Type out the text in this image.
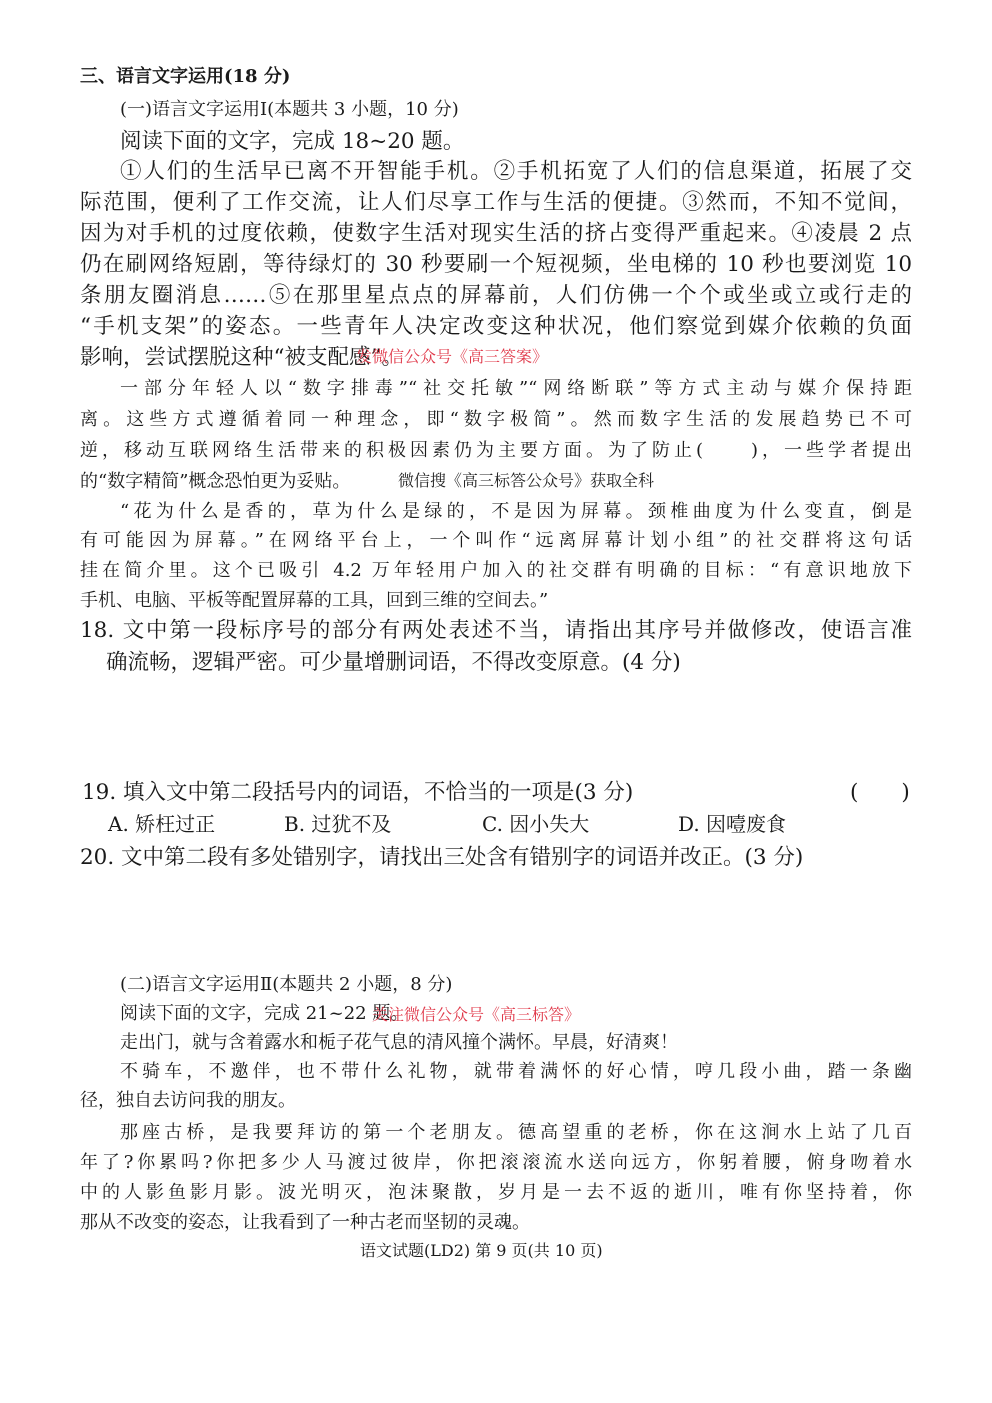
三、语言文字运用(18 分)
(一)语言文字运用Ⅰ(本题共 3 小题，10 分)
阅读下面的文字，完成 18~20 题。
①人们的生活早已离不开智能手机。②手机拓宽了人们的信息渠道，拓展了交
际范围，便利了工作交流，让人们尽享工作与生活的便捷。③然而，不知不觉间，
因为对手机的过度依赖，使数字生活对现实生活的挤占变得严重起来。④凌晨 2 点
仍在刷网络短剧，等待绿灯的 30 秒要刷一个短视频，坐电梯的 10 秒也要浏览 10
条朋友圈消息……⑤在那里星点点的屏幕前，人们仿佛一个个或坐或立或行走的
“手机支架”的姿态。一些青年人决定改变这种状况，他们察觉到媒介依赖的负面
影响，尝试摆脱这种“被支配感”。
发微信公众号《高三答案》
一部分年轻人以“数字排毒”“社交托敏”“网络断联”等方式主动与媒介保持距
离。这些方式遵循着同一种理念，即“数字极简”。然而数字生活的发展趋势已不可
逆，移动互联网络生活带来的积极因素仍为主要方面。为了防止(　　)，一些学者提出
的“数字精简”概念恐怕更为妥贴。	微信搜《高三标答公众号》获取全科
“花为什么是香的，草为什么是绿的，不是因为屏幕。颈椎曲度为什么变直，倒是
有可能因为屏幕。”在网络平台上，一个叫作“远离屏幕计划小组”的社交群将这句话
挂在简介里。这个已吸引 4.2 万年轻用户加入的社交群有明确的目标：“有意识地放下
手机、电脑、平板等配置屏幕的工具，回到三维的空间去。”
18. 文中第一段标序号的部分有两处表述不当，请指出其序号并做修改，使语言准
确流畅，逻辑严密。可少量增删词语，不得改变原意。(4 分)
19. 填入文中第二段括号内的词语，不恰当的一项是(3 分)	(　　)
A. 矫枉过正	B. 过犹不及	C. 因小失大	D. 因噎废食
20. 文中第二段有多处错别字，请找出三处含有错别字的词语并改正。(3 分)
(二)语言文字运用Ⅱ(本题共 2 小题，8 分)
阅读下面的文字，完成 21~22 题。
关注微信公众号《高三标答》
走出门，就与含着露水和栀子花气息的清风撞个满怀。早晨，好清爽！
不骑车，不邀伴，也不带什么礼物，就带着满怀的好心情，哼几段小曲，踏一条幽
径，独自去访问我的朋友。
那座古桥，是我要拜访的第一个老朋友。德高望重的老桥，你在这涧水上站了几百
年了?你累吗?你把多少人马渡过彼岸，你把滚滚流水送向远方，你躬着腰，俯身吻着水
中的人影鱼影月影。波光明灭，泡沫聚散，岁月是一去不返的逝川，唯有你坚持着，你
那从不改变的姿态，让我看到了一种古老而坚韧的灵魂。
语文试题(LD2) 第 9 页(共 10 页)
